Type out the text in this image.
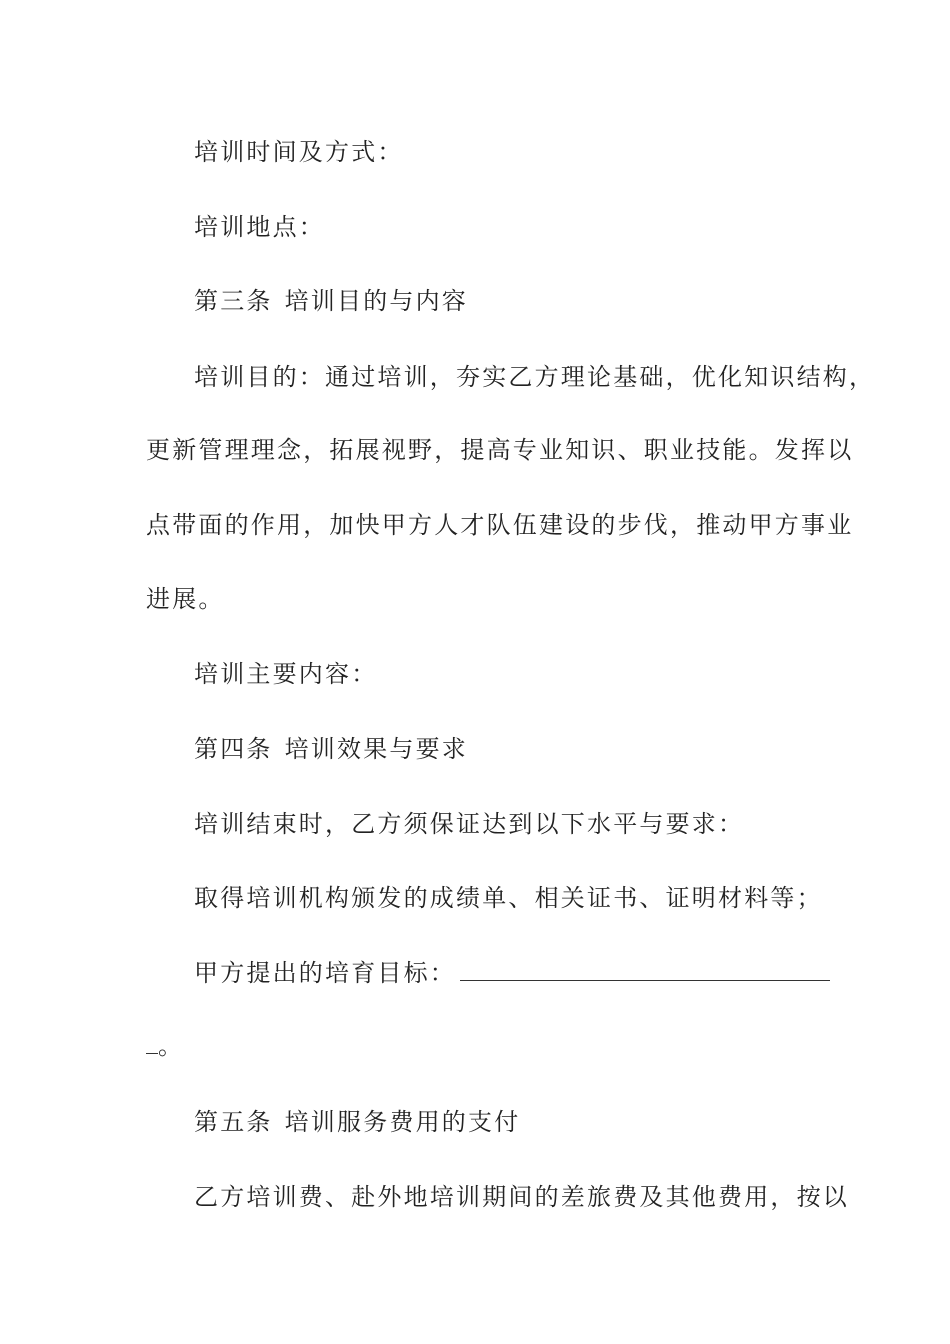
培训时间及方式：
培训地点：
第三条 培训目的与内容
培训目的：通过培训，夯实乙方理论基础，优化知识结构，
更新管理理念，拓展视野，提高专业知识、职业技能。发挥以
点带面的作用，加快甲方人才队伍建设的步伐，推动甲方事业
进展。
培训主要内容：
第四条 培训效果与要求
培训结束时，乙方须保证达到以下水平与要求：
取得培训机构颁发的成绩单、相关证书、证明材料等；
甲方提出的培育目标：
。
第五条 培训服务费用的支付
乙方培训费、赴外地培训期间的差旅费及其他费用，按以
